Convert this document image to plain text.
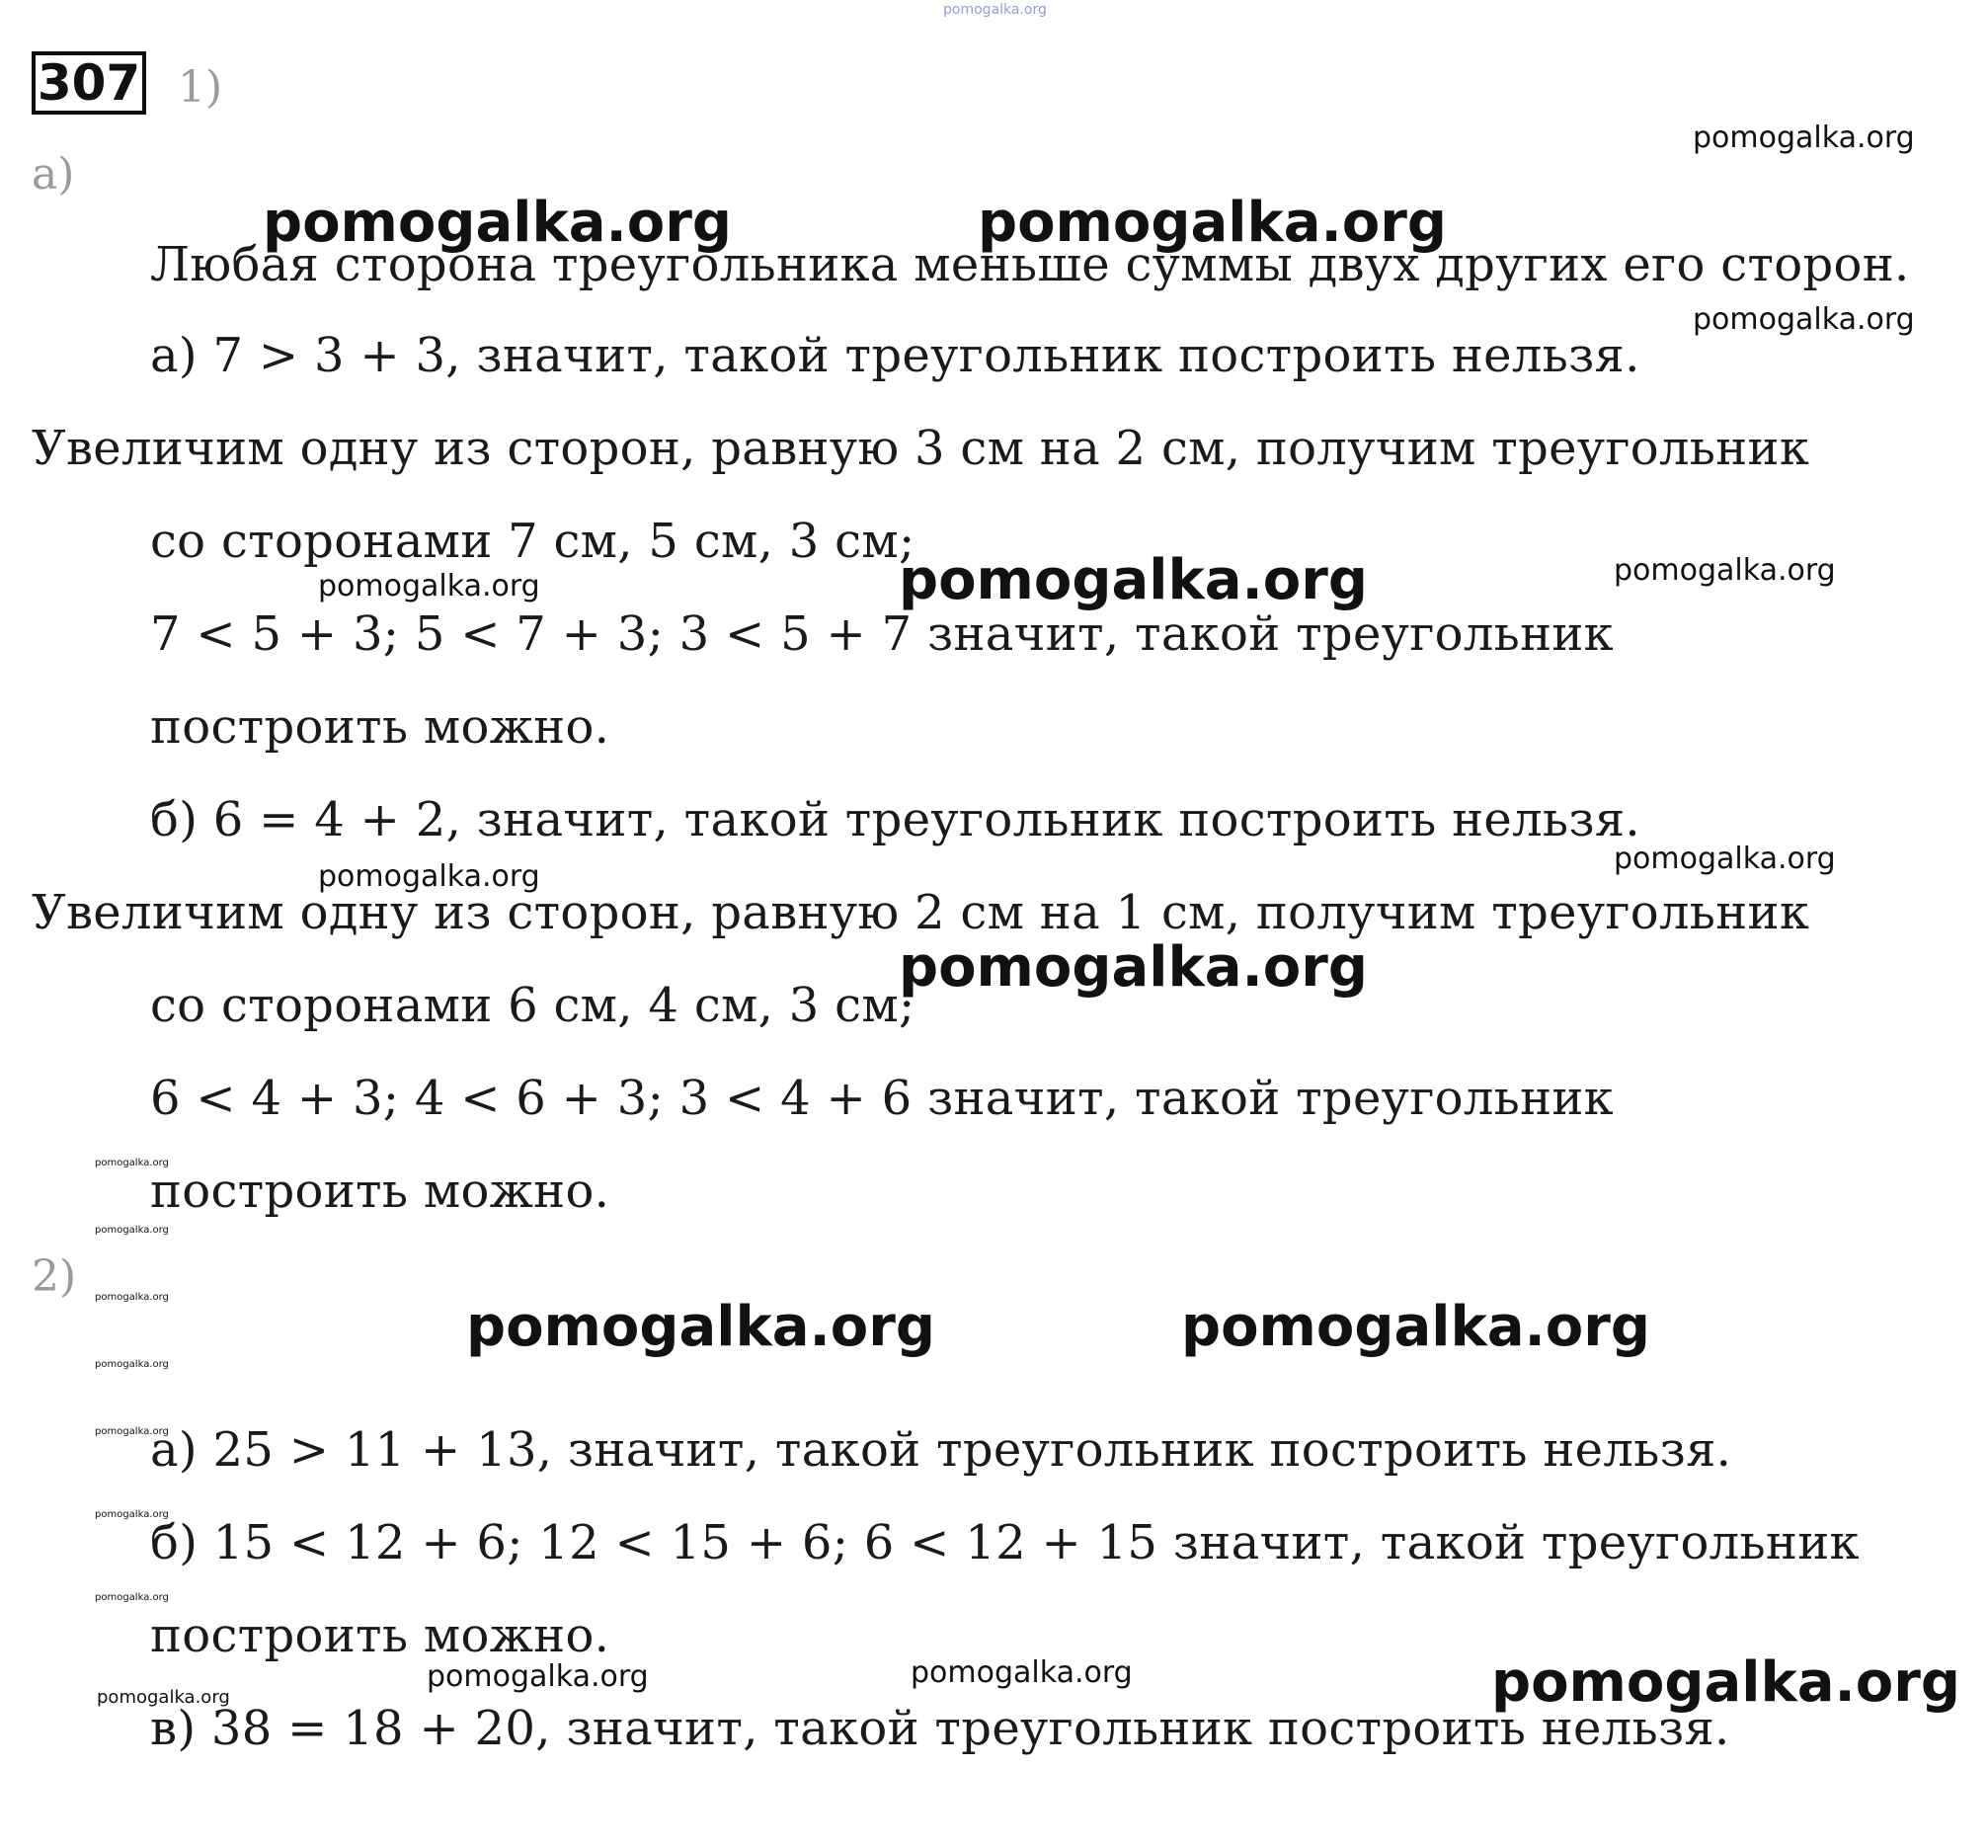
307 1)
а)
2)
Любая сторона треугольника меньше суммы двух других его сторон.
а) 7 > 3 + 3, значит, такой треугольник построить нельзя.
Увеличим одну из сторон, равную 3 см на 2 см, получим треугольник
со сторонами 7 см, 5 см, 3 см;
7 < 5 + 3; 5 < 7 + 3; 3 < 5 + 7 значит, такой треугольник
построить можно.
б) 6 = 4 + 2, значит, такой треугольник построить нельзя.
Увеличим одну из сторон, равную 2 см на 1 см, получим треугольник
со сторонами 6 см, 4 см, 3 см;
6 < 4 + 3; 4 < 6 + 3; 3 < 4 + 6 значит, такой треугольник
построить можно.
а) 25 > 11 + 13, значит, такой треугольник построить нельзя.
б) 15 < 12 + 6; 12 < 15 + 6; 6 < 12 + 15 значит, такой треугольник
построить можно.
в) 38 = 18 + 20, значит, такой треугольник построить нельзя.
pomogalka.org
pomogalka.org
pomogalka.org	pomogalka.org
pomogalka.org
pomogalka.org	pomogalka.org	pomogalka.org
pomogalka.org
pomogalka.org
pomogalka.org
pomogalka.org	pomogalka.org
pomogalka.org
pomogalka.org
pomogalka.org
pomogalka.org
pomogalka.org
pomogalka.org
pomogalka.org
pomogalka.org	pomogalka.org	pomogalka.org
pomogalka.org
